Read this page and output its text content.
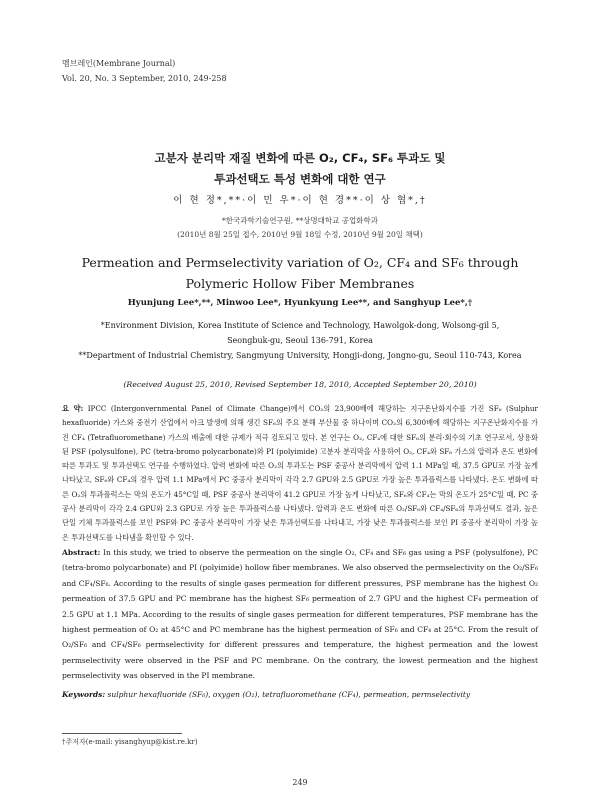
멤브레인(Membrane Journal)
Vol. 20, No. 3 September, 2010, 249-258
고분자 분리막 재질 변화에 따른 O₂, CF₄, SF₆ 투과도 및
투과선택도 특성 변화에 대한 연구
이 현 정*,**·이 민 우*·이 현 경**·이 상 협*,†
*한국과학기술연구원, **상명대학교 공업화학과
(2010년 8월 25일 접수, 2010년 9월 18일 수정, 2010년 9월 20일 채택)
Permeation and Permselectivity variation of O₂, CF₄ and SF₆ through
Polymeric Hollow Fiber Membranes
Hyunjung Lee*,**, Minwoo Lee*, Hyunkyung Lee**, and Sanghyup Lee*,†
*Environment Division, Korea Institute of Science and Technology, Hawolgok-dong, Wolsong-gil 5,
Seongbuk-gu, Seoul 136-791, Korea
**Department of Industrial Chemistry, Sangmyung University, Hongji-dong, Jongno-gu, Seoul 110-743, Korea
(Received August 25, 2010, Revised September 18, 2010, Accepted September 20, 2010)
요 약: IPCC (Intergonvernmental Panel of Climate Change)에서 CO₂의 23,900배에 해당하는 지구온난화지수를 가진 SF₆ (Sulphur hexafluoride) 가스와 중전기 산업에서 아크 발생에 의해 생긴 SF₆의 주요 분해 부산물 중 하나이며 CO₂의 6,300배에 해당하는 지구온난화지수를 가진 CF₄ (Tetrafluoromethane) 가스의 배출에 대한 규제가 적극 검토되고 있다. 본 연구는 O₂, CF₄에 대한 SF₆의 분리·회수의 기초 연구로서, 상용화된 PSF (polysulfone), PC (tetra-bromo polycarbonate)와 PI (polyimide) 고분자 분리막을 사용하여 O₂, CF₄와 SF₆ 가스의 압력과 온도 변화에 따른 투과도 및 투과선택도 연구를 수행하였다. 압력 변화에 따른 O₂의 투과도는 PSF 중공사 분리막에서 압력 1.1 MPa일 때, 37.5 GPU로 가장 높게 나타났고, SF₆와 CF₄의 경우 압력 1.1 MPa에서 PC 중공사 분리막이 각각 2.7 GPU와 2.5 GPU로 가장 높은 투과플럭스를 나타냈다. 온도 변화에 따른 O₂의 투과플럭스는 막의 온도가 45°C일 때, PSF 중공사 분리막이 41.2 GPU로 가장 높게 나타났고, SF₆와 CF₄는 막의 온도가 25°C일 때, PC 중공사 분리막이 각각 2.4 GPU와 2.3 GPU로 가장 높은 투과플럭스를 나타냈다. 압력과 온도 변화에 따른 O₂/SF₆와 CF₄/SF₆의 투과선택도 결과, 높은 단일 기체 투과플럭스를 보인 PSF와 PC 중공사 분리막이 가장 낮은 투과선택도를 나타내고, 가장 낮은 투과플럭스를 보인 PI 중공사 분리막이 가장 높은 투과선택도를 나타냄을 확인할 수 있다.
Abstract: In this study, we tried to observe the permeation on the single O₂, CF₄ and SF₆ gas using a PSF (polysulfone), PC (tetra-bromo polycarbonate) and PI (polyimide) hollow fiber membranes. We also observed the permselectivity on the O₂/SF₆ and CF₄/SF₆. According to the results of single gases permeation for different pressures, PSF membrane has the highest O₂ permeation of 37.5 GPU and PC membrane has the highest SF₆ permeation of 2.7 GPU and the highest CF₄ permeation of 2.5 GPU at 1.1 MPa. According to the results of single gases permeation for different temperatures, PSF membrane has the highest permeation of O₂ at 45°C and PC membrane has the highest permeation of SF₆ and CF₄ at 25°C. From the result of O₂/SF₆ and CF₄/SF₆ permselectivity for different pressures and temperature, the highest permeation and the lowest permselectivity were observed in the PSF and PC membrane. On the contrary, the lowest permeation and the highest permselectivity was observed in the PI membrane.
Keywords: sulphur hexafluoride (SF₆), oxygen (O₂), tetrafluoromethane (CF₄), permeation, permselectivity
†주저자(e-mail: yisanghyup@kist.re.kr)
249
